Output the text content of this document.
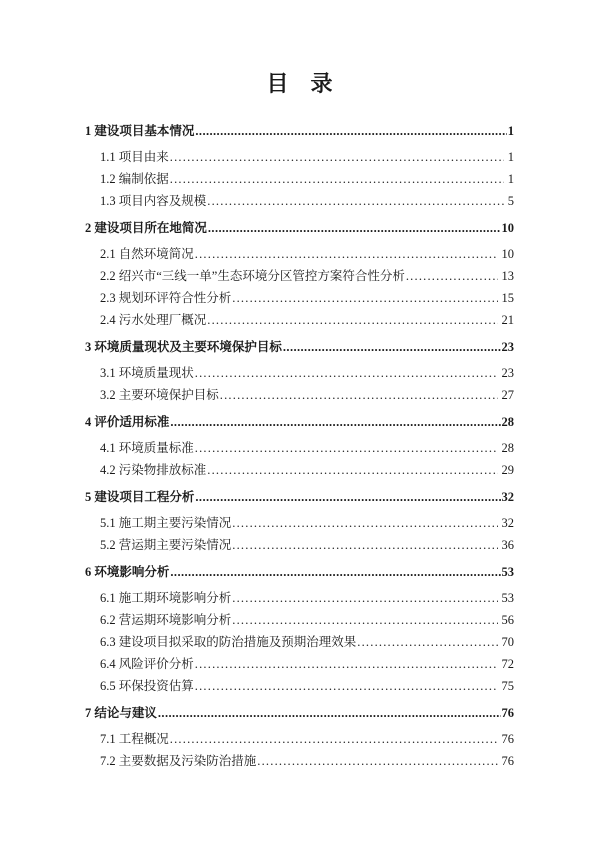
目　录
1 建设项目基本情况 .....	1
1.1 项目由来 .....	1
1.2 编制依据 .....	1
1.3 项目内容及规模 .....	5
2 建设项目所在地简况 .....	10
2.1 自然环境简况 .....	10
2.2 绍兴市“三线一单”生态环境分区管控方案符合性分析 .....	13
2.3 规划环评符合性分析 .....	15
2.4 污水处理厂概况 .....	21
3 环境质量现状及主要环境保护目标 .....	23
3.1 环境质量现状 .....	23
3.2 主要环境保护目标 .....	27
4 评价适用标准 .....	28
4.1 环境质量标准 .....	28
4.2 污染物排放标准 .....	29
5 建设项目工程分析 .....	32
5.1 施工期主要污染情况 .....	32
5.2 营运期主要污染情况 .....	36
6 环境影响分析 .....	53
6.1 施工期环境影响分析 .....	53
6.2 营运期环境影响分析 .....	56
6.3 建设项目拟采取的防治措施及预期治理效果 .....	70
6.4 风险评价分析 .....	72
6.5 环保投资估算 .....	75
7 结论与建议 .....	76
7.1 工程概况 .....	76
7.2 主要数据及污染防治措施 .....	76
